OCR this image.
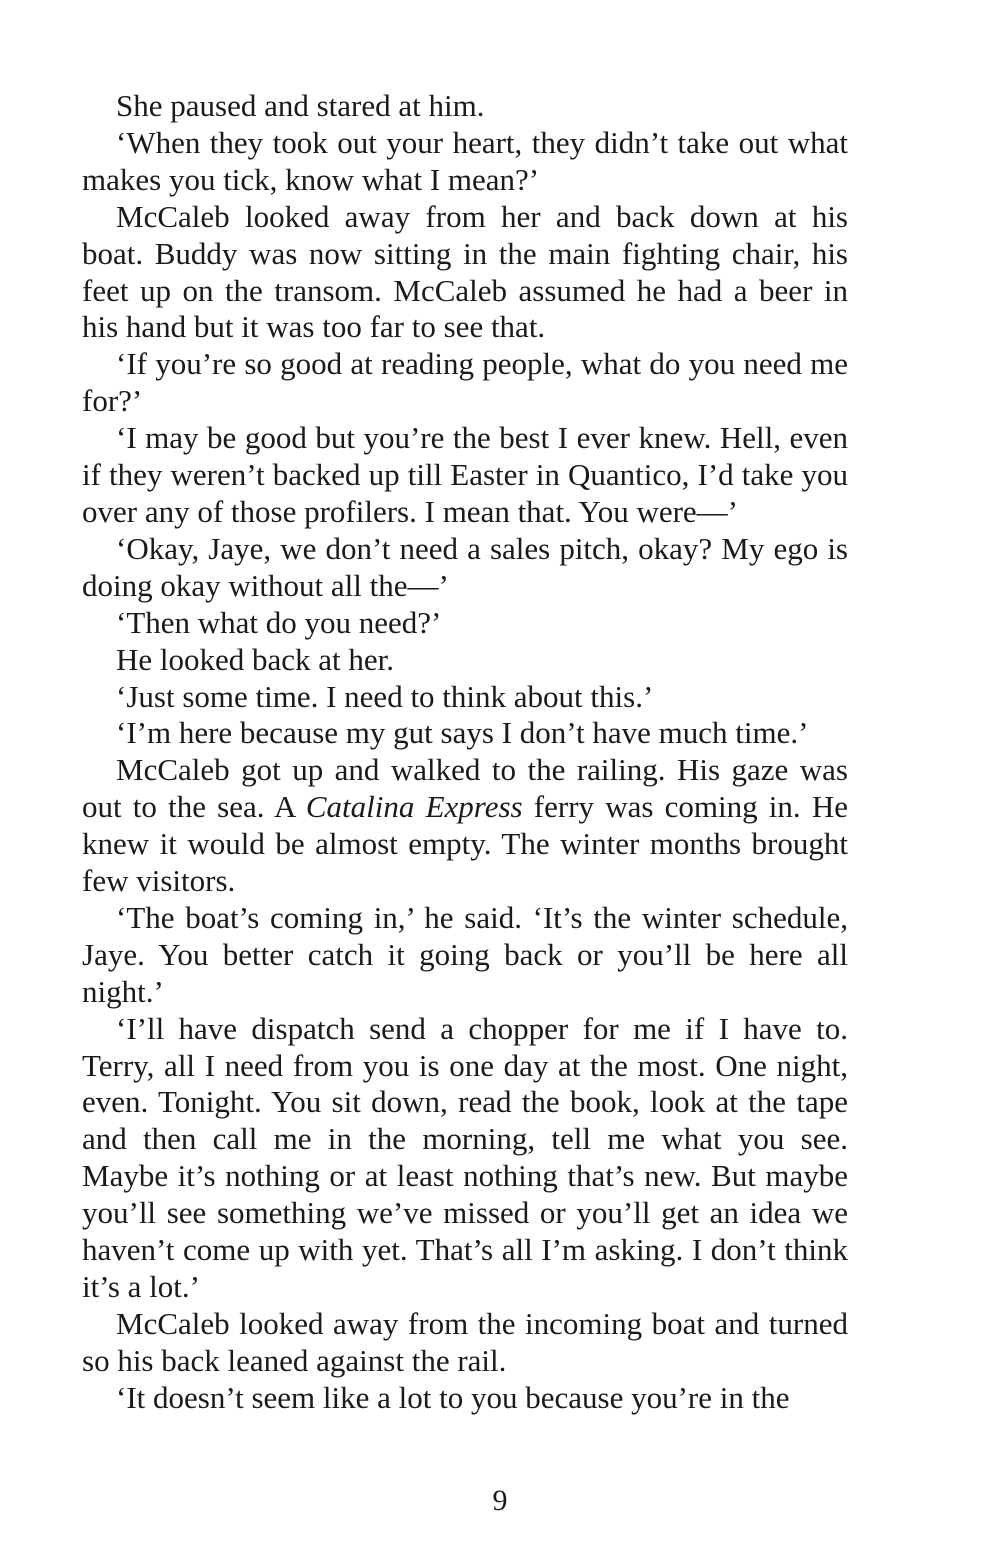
She paused and stared at him.

‘When they took out your heart, they didn’t take out what makes you tick, know what I mean?’

McCaleb looked away from her and back down at his boat. Buddy was now sitting in the main fighting chair, his feet up on the transom. McCaleb assumed he had a beer in his hand but it was too far to see that.

‘If you’re so good at reading people, what do you need me for?’

‘I may be good but you’re the best I ever knew. Hell, even if they weren’t backed up till Easter in Quantico, I’d take you over any of those profilers. I mean that. You were—’

‘Okay, Jaye, we don’t need a sales pitch, okay? My ego is doing okay without all the—’

‘Then what do you need?’

He looked back at her.

‘Just some time. I need to think about this.’

‘I’m here because my gut says I don’t have much time.’

McCaleb got up and walked to the railing. His gaze was out to the sea. A Catalina Express ferry was coming in. He knew it would be almost empty. The winter months brought few visitors.

‘The boat’s coming in,’ he said. ‘It’s the winter schedule, Jaye. You better catch it going back or you’ll be here all night.’

‘I’ll have dispatch send a chopper for me if I have to. Terry, all I need from you is one day at the most. One night, even. Tonight. You sit down, read the book, look at the tape and then call me in the morning, tell me what you see. Maybe it’s nothing or at least nothing that’s new. But maybe you’ll see something we’ve missed or you’ll get an idea we haven’t come up with yet. That’s all I’m asking. I don’t think it’s a lot.’

McCaleb looked away from the incoming boat and turned so his back leaned against the rail.

‘It doesn’t seem like a lot to you because you’re in the

9
